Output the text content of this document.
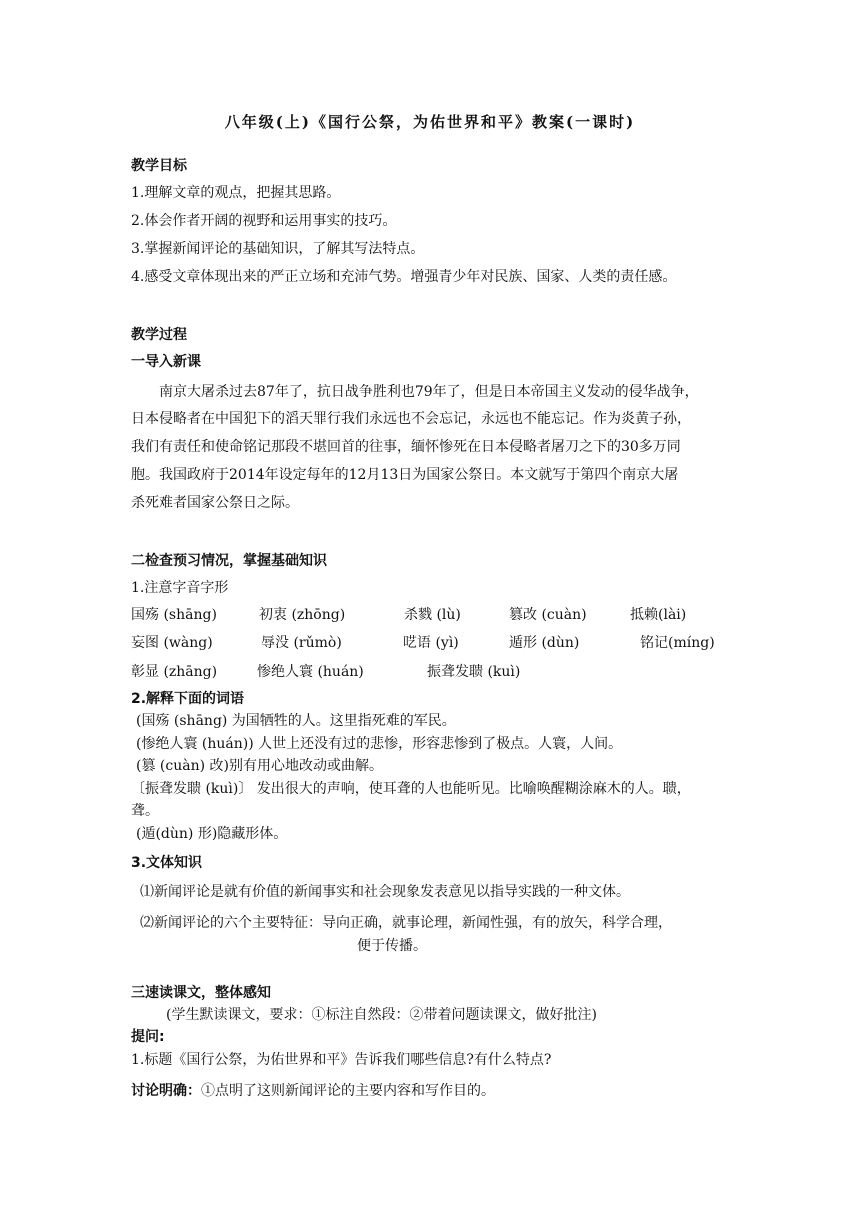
八年级(上)《国行公祭，为佑世界和平》教案(一课时)
教学目标
1.理解文章的观点，把握其思路。
2.体会作者开阔的视野和运用事实的技巧。
3.掌握新闻评论的基础知识，了解其写法特点。
4.感受文章体现出来的严正立场和充沛气势。增强青少年对民族、国家、人类的责任感。
教学过程
一导入新课
南京大屠杀过去87年了，抗日战争胜利也79年了，但是日本帝国主义发动的侵华战争，
日本侵略者在中国犯下的滔天罪行我们永远也不会忘记，永远也不能忘记。作为炎黄子孙，
我们有责任和使命铭记那段不堪回首的往事，缅怀惨死在日本侵略者屠刀之下的30多万同
胞。我国政府于2014年设定每年的12月13日为国家公祭日。本文就写于第四个南京大屠
杀死难者国家公祭日之际。
二检查预习情况，掌握基础知识
1.注意字音字形
国殇 (shāng)	初衷 (zhōng)	杀戮 (lù)	篡改 (cuàn)	抵赖(lài)
妄图 (wàng)	辱没 (rǔmò)	呓语 (yì)	遁形 (dùn)	铭记(míng)
彰显 (zhāng)	惨绝人寰 (huán)	振聋发聩 (kuì)
2.解释下面的词语
(国殇 (shāng) 为国牺牲的人。这里指死难的军民。
(惨绝人寰 (huán)) 人世上还没有过的悲惨，形容悲惨到了极点。人寰，人间。
(篡 (cuàn) 改)别有用心地改动或曲解。
〔振聋发聩 (kuì)〕 发出很大的声响，使耳聋的人也能听见。比喻唤醒糊涂麻木的人。聩，
聋。
(遁(dùn) 形)隐藏形体。
3.文体知识
⑴新闻评论是就有价值的新闻事实和社会现象发表意见以指导实践的一种文体。
⑵新闻评论的六个主要特征：导向正确，就事论理，新闻性强，有的放矢，科学合理，
便于传播。
三速读课文，整体感知
(学生默读课文，要求：①标注自然段：②带着问题读课文，做好批注)
提问:
1.标题《国行公祭，为佑世界和平》告诉我们哪些信息?有什么特点?
讨论明确：①点明了这则新闻评论的主要内容和写作目的。
